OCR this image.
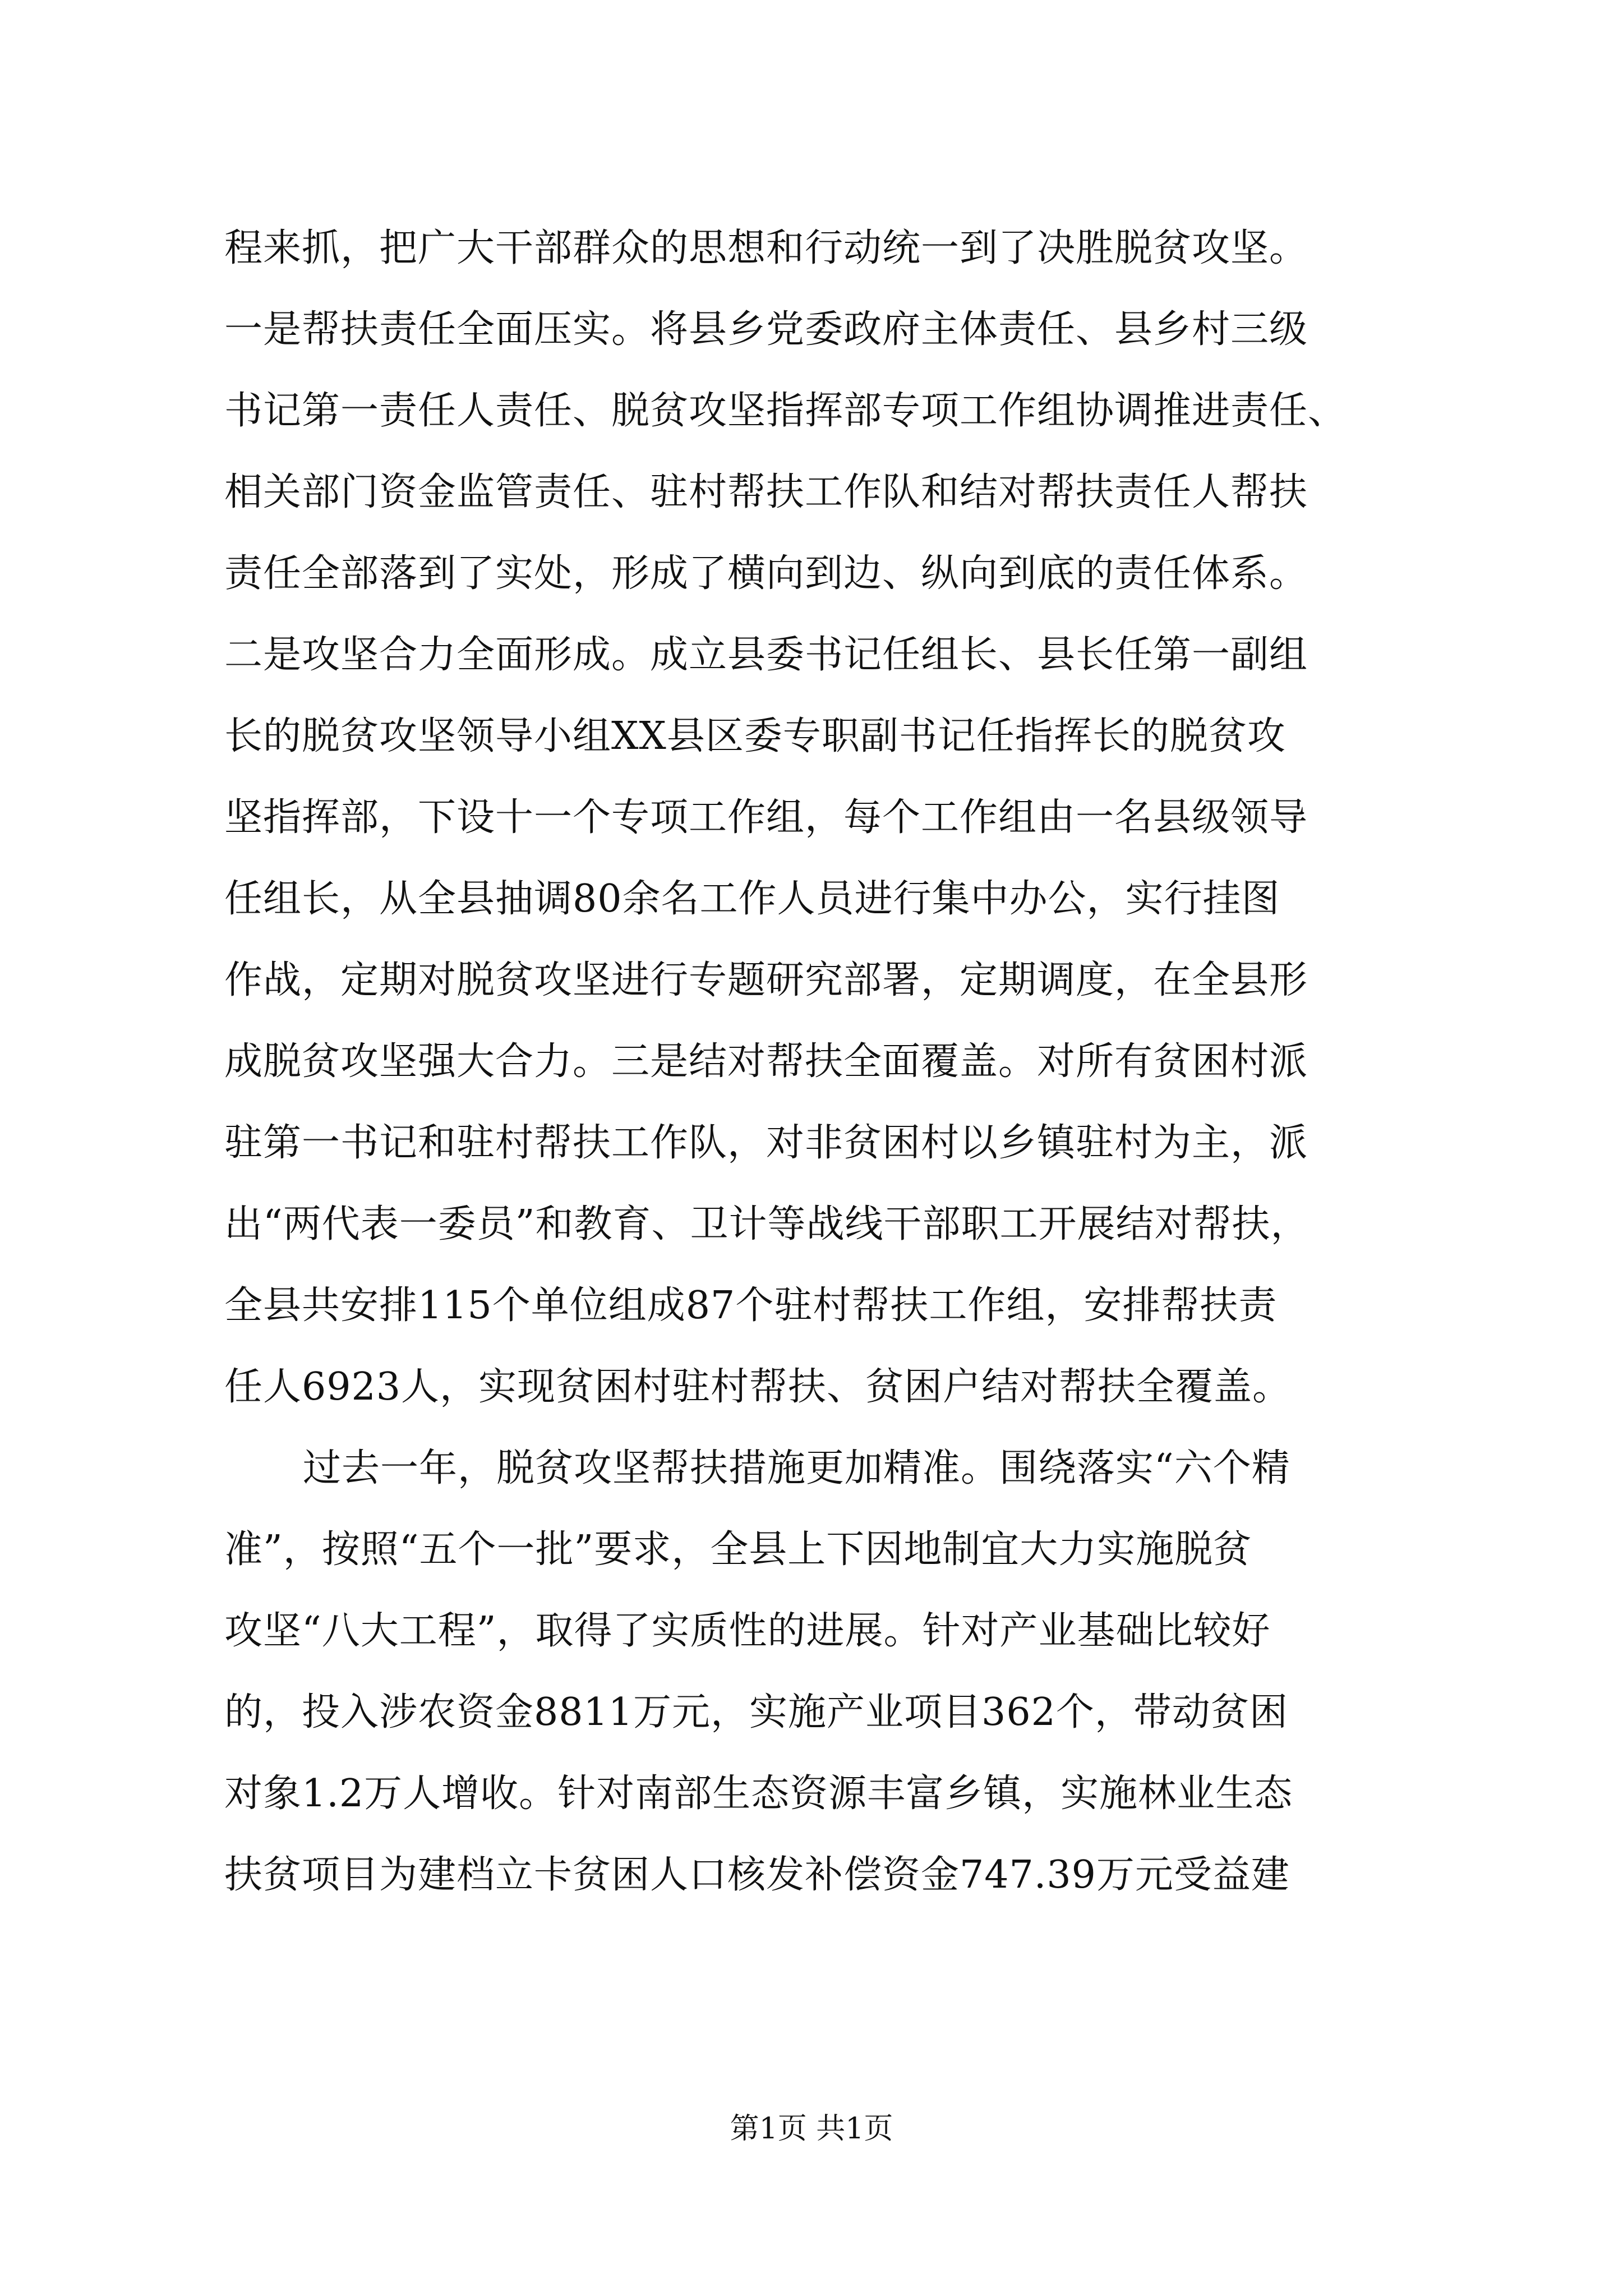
程来抓，把广大干部群众的思想和行动统一到了决胜脱贫攻坚。
一是帮扶责任全面压实。将县乡党委政府主体责任、县乡村三级
书记第一责任人责任、脱贫攻坚指挥部专项工作组协调推进责任、
相关部门资金监管责任、驻村帮扶工作队和结对帮扶责任人帮扶
责任全部落到了实处，形成了横向到边、纵向到底的责任体系。
二是攻坚合力全面形成。成立县委书记任组长、县长任第一副组
长的脱贫攻坚领导小组XX县区委专职副书记任指挥长的脱贫攻
坚指挥部，下设十一个专项工作组，每个工作组由一名县级领导
任组长，从全县抽调80余名工作人员进行集中办公，实行挂图
作战，定期对脱贫攻坚进行专题研究部署，定期调度，在全县形
成脱贫攻坚强大合力。三是结对帮扶全面覆盖。对所有贫困村派
驻第一书记和驻村帮扶工作队，对非贫困村以乡镇驻村为主，派
出“两代表一委员”和教育、卫计等战线干部职工开展结对帮扶，
全县共安排115个单位组成87个驻村帮扶工作组，安排帮扶责
任人6923人，实现贫困村驻村帮扶、贫困户结对帮扶全覆盖。
过去一年，脱贫攻坚帮扶措施更加精准。围绕落实“六个精
准”，按照“五个一批”要求，全县上下因地制宜大力实施脱贫
攻坚“八大工程”，取得了实质性的进展。针对产业基础比较好
的，投入涉农资金8811万元，实施产业项目362个，带动贫困
对象1.2万人增收。针对南部生态资源丰富乡镇，实施林业生态
扶贫项目为建档立卡贫困人口核发补偿资金747.39万元受益建
第1页 共1页
